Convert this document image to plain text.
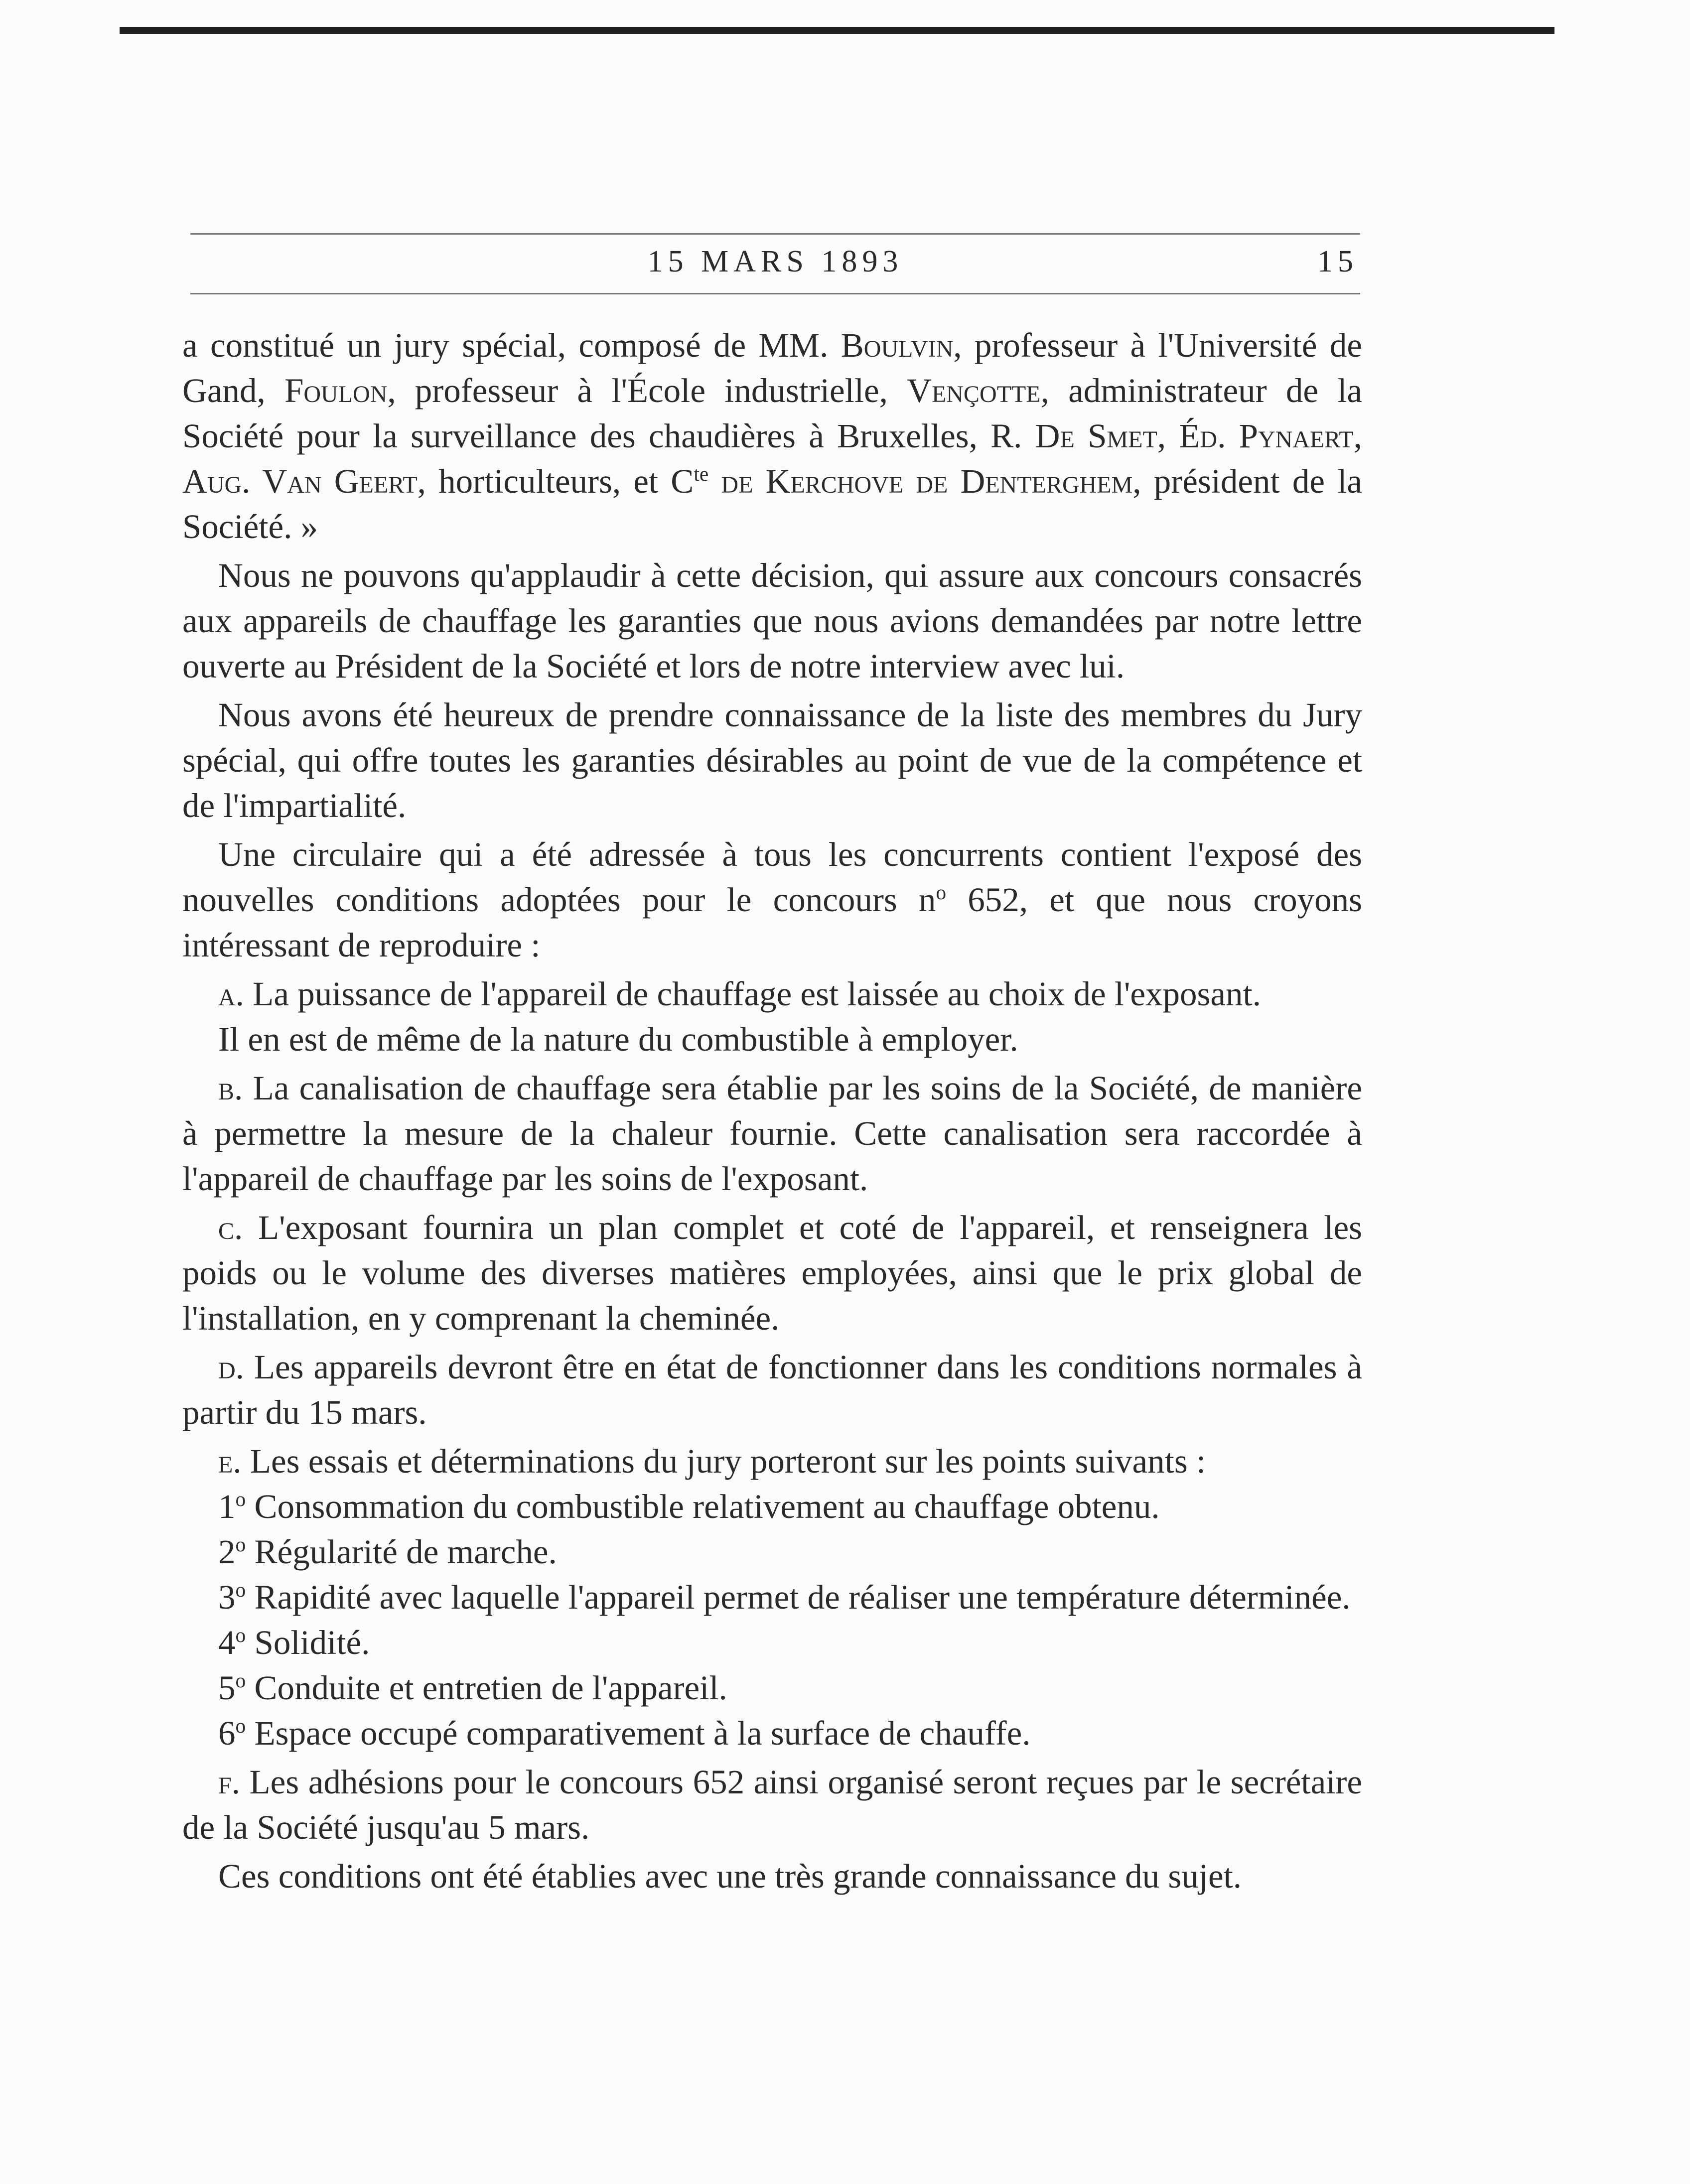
15 MARS 1893	15

a constitué un jury spécial, composé de MM. Boulvin, professeur à l'Université de Gand, Foulon, professeur à l'École industrielle, Vençotte, administrateur de la Société pour la surveillance des chaudières à Bruxelles, R. De Smet, Éd. Pynaert, Aug. Van Geert, horticulteurs, et $C^{te}$ de Kerchove de Denterghem, président de la Société. »

Nous ne pouvons qu'applaudir à cette décision, qui assure aux concours consacrés aux appareils de chauffage les garanties que nous avions demandées par notre lettre ouverte au Président de la Société et lors de notre interview avec lui.

Nous avons été heureux de prendre connaissance de la liste des membres du Jury spécial, qui offre toutes les garanties désirables au point de vue de la compétence et de l'impartialité.

Une circulaire qui a été adressée à tous les concurrents contient l'exposé des nouvelles conditions adoptées pour le concours $n^o$ 652, et que nous croyons intéressant de reproduire :

a. La puissance de l'appareil de chauffage est laissée au choix de l'exposant.

Il en est de même de la nature du combustible à employer.

b. La canalisation de chauffage sera établie par les soins de la Société, de manière à permettre la mesure de la chaleur fournie. Cette canalisation sera raccordée à l'appareil de chauffage par les soins de l'exposant.

c. L'exposant fournira un plan complet et coté de l'appareil, et renseignera les poids ou le volume des diverses matières employées, ainsi que le prix global de l'installation, en y comprenant la cheminée.

d. Les appareils devront être en état de fonctionner dans les conditions normales à partir du 15 mars.

e. Les essais et déterminations du jury porteront sur les points suivants :

1$^o$ Consommation du combustible relativement au chauffage obtenu.

2$^o$ Régularité de marche.

3$^o$ Rapidité avec laquelle l'appareil permet de réaliser une température déterminée.

4$^o$ Solidité.

5$^o$ Conduite et entretien de l'appareil.

6$^o$ Espace occupé comparativement à la surface de chauffe.

f. Les adhésions pour le concours 652 ainsi organisé seront reçues par le secrétaire de la Société jusqu'au 5 mars.

Ces conditions ont été établies avec une très grande connaissance du sujet.
